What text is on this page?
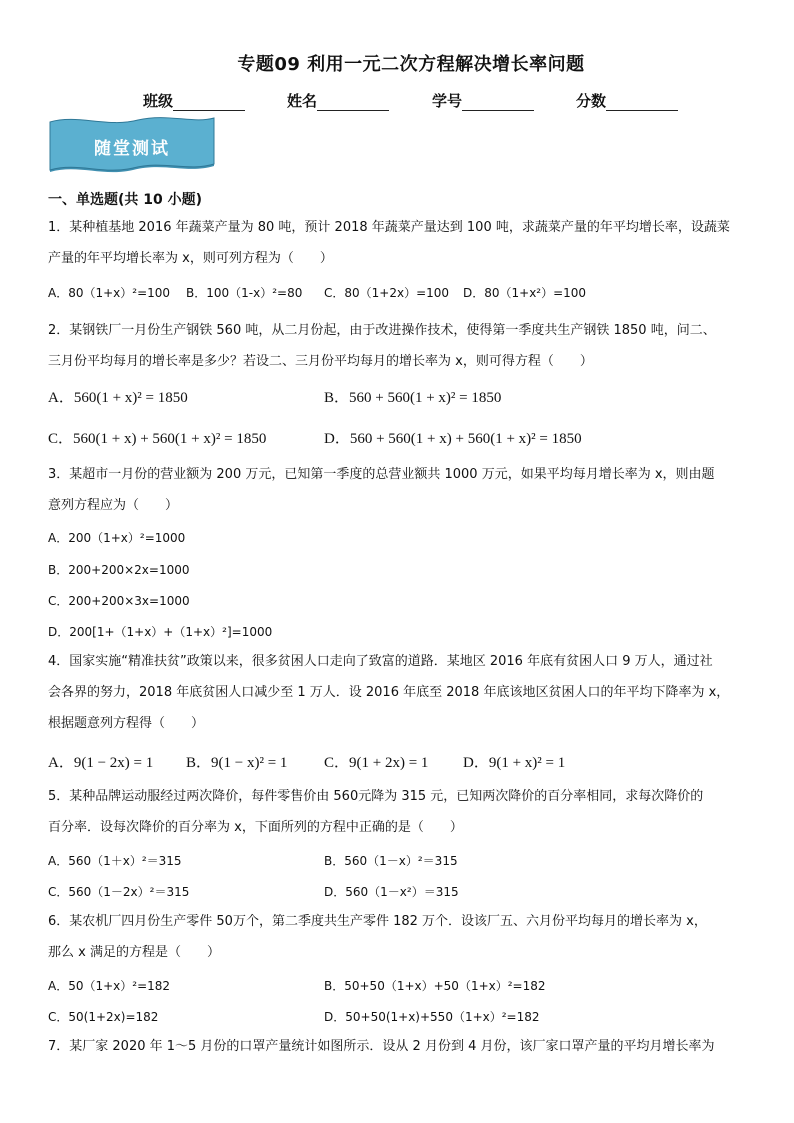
专题09 利用一元二次方程解决增长率问题
班级	姓名	学号	分数
随堂测试
一、单选题(共 10 小题)
1．某种植基地 2016 年蔬菜产量为 80 吨，预计 2018 年蔬菜产量达到 100 吨，求蔬菜产量的年平均增长率，设蔬菜
产量的年平均增长率为 x，则可列方程为（　　）
A．80（1+x）²=100 B．100（1-x）²=80 C．80（1+2x）=100 D．80（1+x²）=100
2．某钢铁厂一月份生产钢铁 560 吨，从二月份起，由于改进操作技术，使得第一季度共生产钢铁 1850 吨，问二、
三月份平均每月的增长率是多少？若设二、三月份平均每月的增长率为 x，则可得方程（　　）
A．560(1 + x)² = 1850	B．560 + 560(1 + x)² = 1850
C．560(1 + x) + 560(1 + x)² = 1850	D．560 + 560(1 + x) + 560(1 + x)² = 1850
3．某超市一月份的营业额为 200 万元，已知第一季度的总营业额共 1000 万元，如果平均每月增长率为 x，则由题
意列方程应为（　　）
A．200（1+x）²=1000
B．200+200×2x=1000
C．200+200×3x=1000
D．200[1+（1+x）+（1+x）²]=1000
4．国家实施“精准扶贫”政策以来，很多贫困人口走向了致富的道路．某地区 2016 年底有贫困人口 9 万人，通过社
会各界的努力，2018 年底贫困人口减少至 1 万人．设 2016 年底至 2018 年底该地区贫困人口的年平均下降率为 x，
根据题意列方程得（　　）
A．9(1 − 2x) = 1 B．9(1 − x)² = 1 C．9(1 + 2x) = 1 D．9(1 + x)² = 1
5．某种品牌运动服经过两次降价，每件零售价由 560元降为 315 元，已知两次降价的百分率相同，求每次降价的
百分率．设每次降价的百分率为 x，下面所列的方程中正确的是（　　）
A．560（1＋x）²＝315	B．560（1－x）²＝315
C．560（1－2x）²＝315	D．560（1－x²）＝315
6．某农机厂四月份生产零件 50万个，第二季度共生产零件 182 万个．设该厂五、六月份平均每月的增长率为 x，
那么 x 满足的方程是（　　）
A．50（1+x）²=182	B．50+50（1+x）+50（1+x）²=182
C．50(1+2x)=182	D．50+50(1+x)+550（1+x）²=182
7．某厂家 2020 年 1～5 月份的口罩产量统计如图所示．设从 2 月份到 4 月份，该厂家口罩产量的平均月增长率为
